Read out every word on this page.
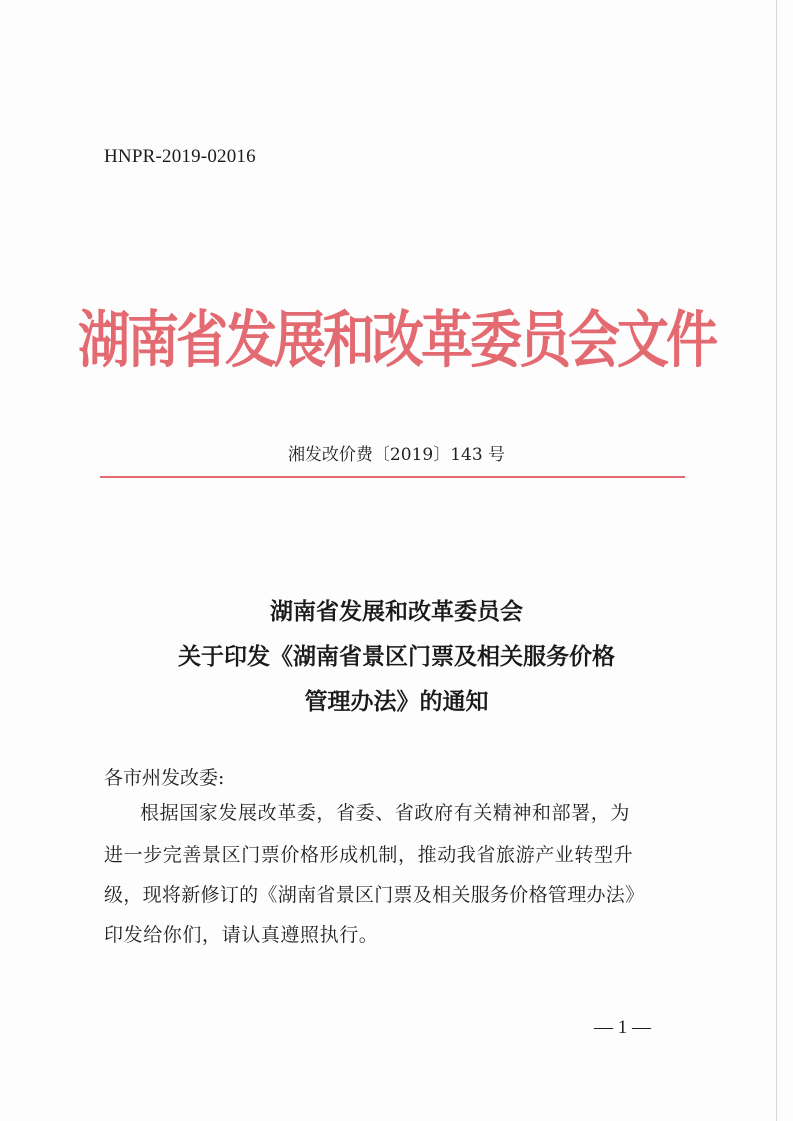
HNPR-2019-02016
湖南省发展和改革委员会文件
湘发改价费〔2019〕143 号
湖南省发展和改革委员会
关于印发《湖南省景区门票及相关服务价格
管理办法》的通知
各市州发改委:
根据国家发展改革委，省委、省政府有关精神和部署，为
进一步完善景区门票价格形成机制，推动我省旅游产业转型升
级，现将新修订的《湖南省景区门票及相关服务价格管理办法》
印发给你们，请认真遵照执行。
— 1 —
